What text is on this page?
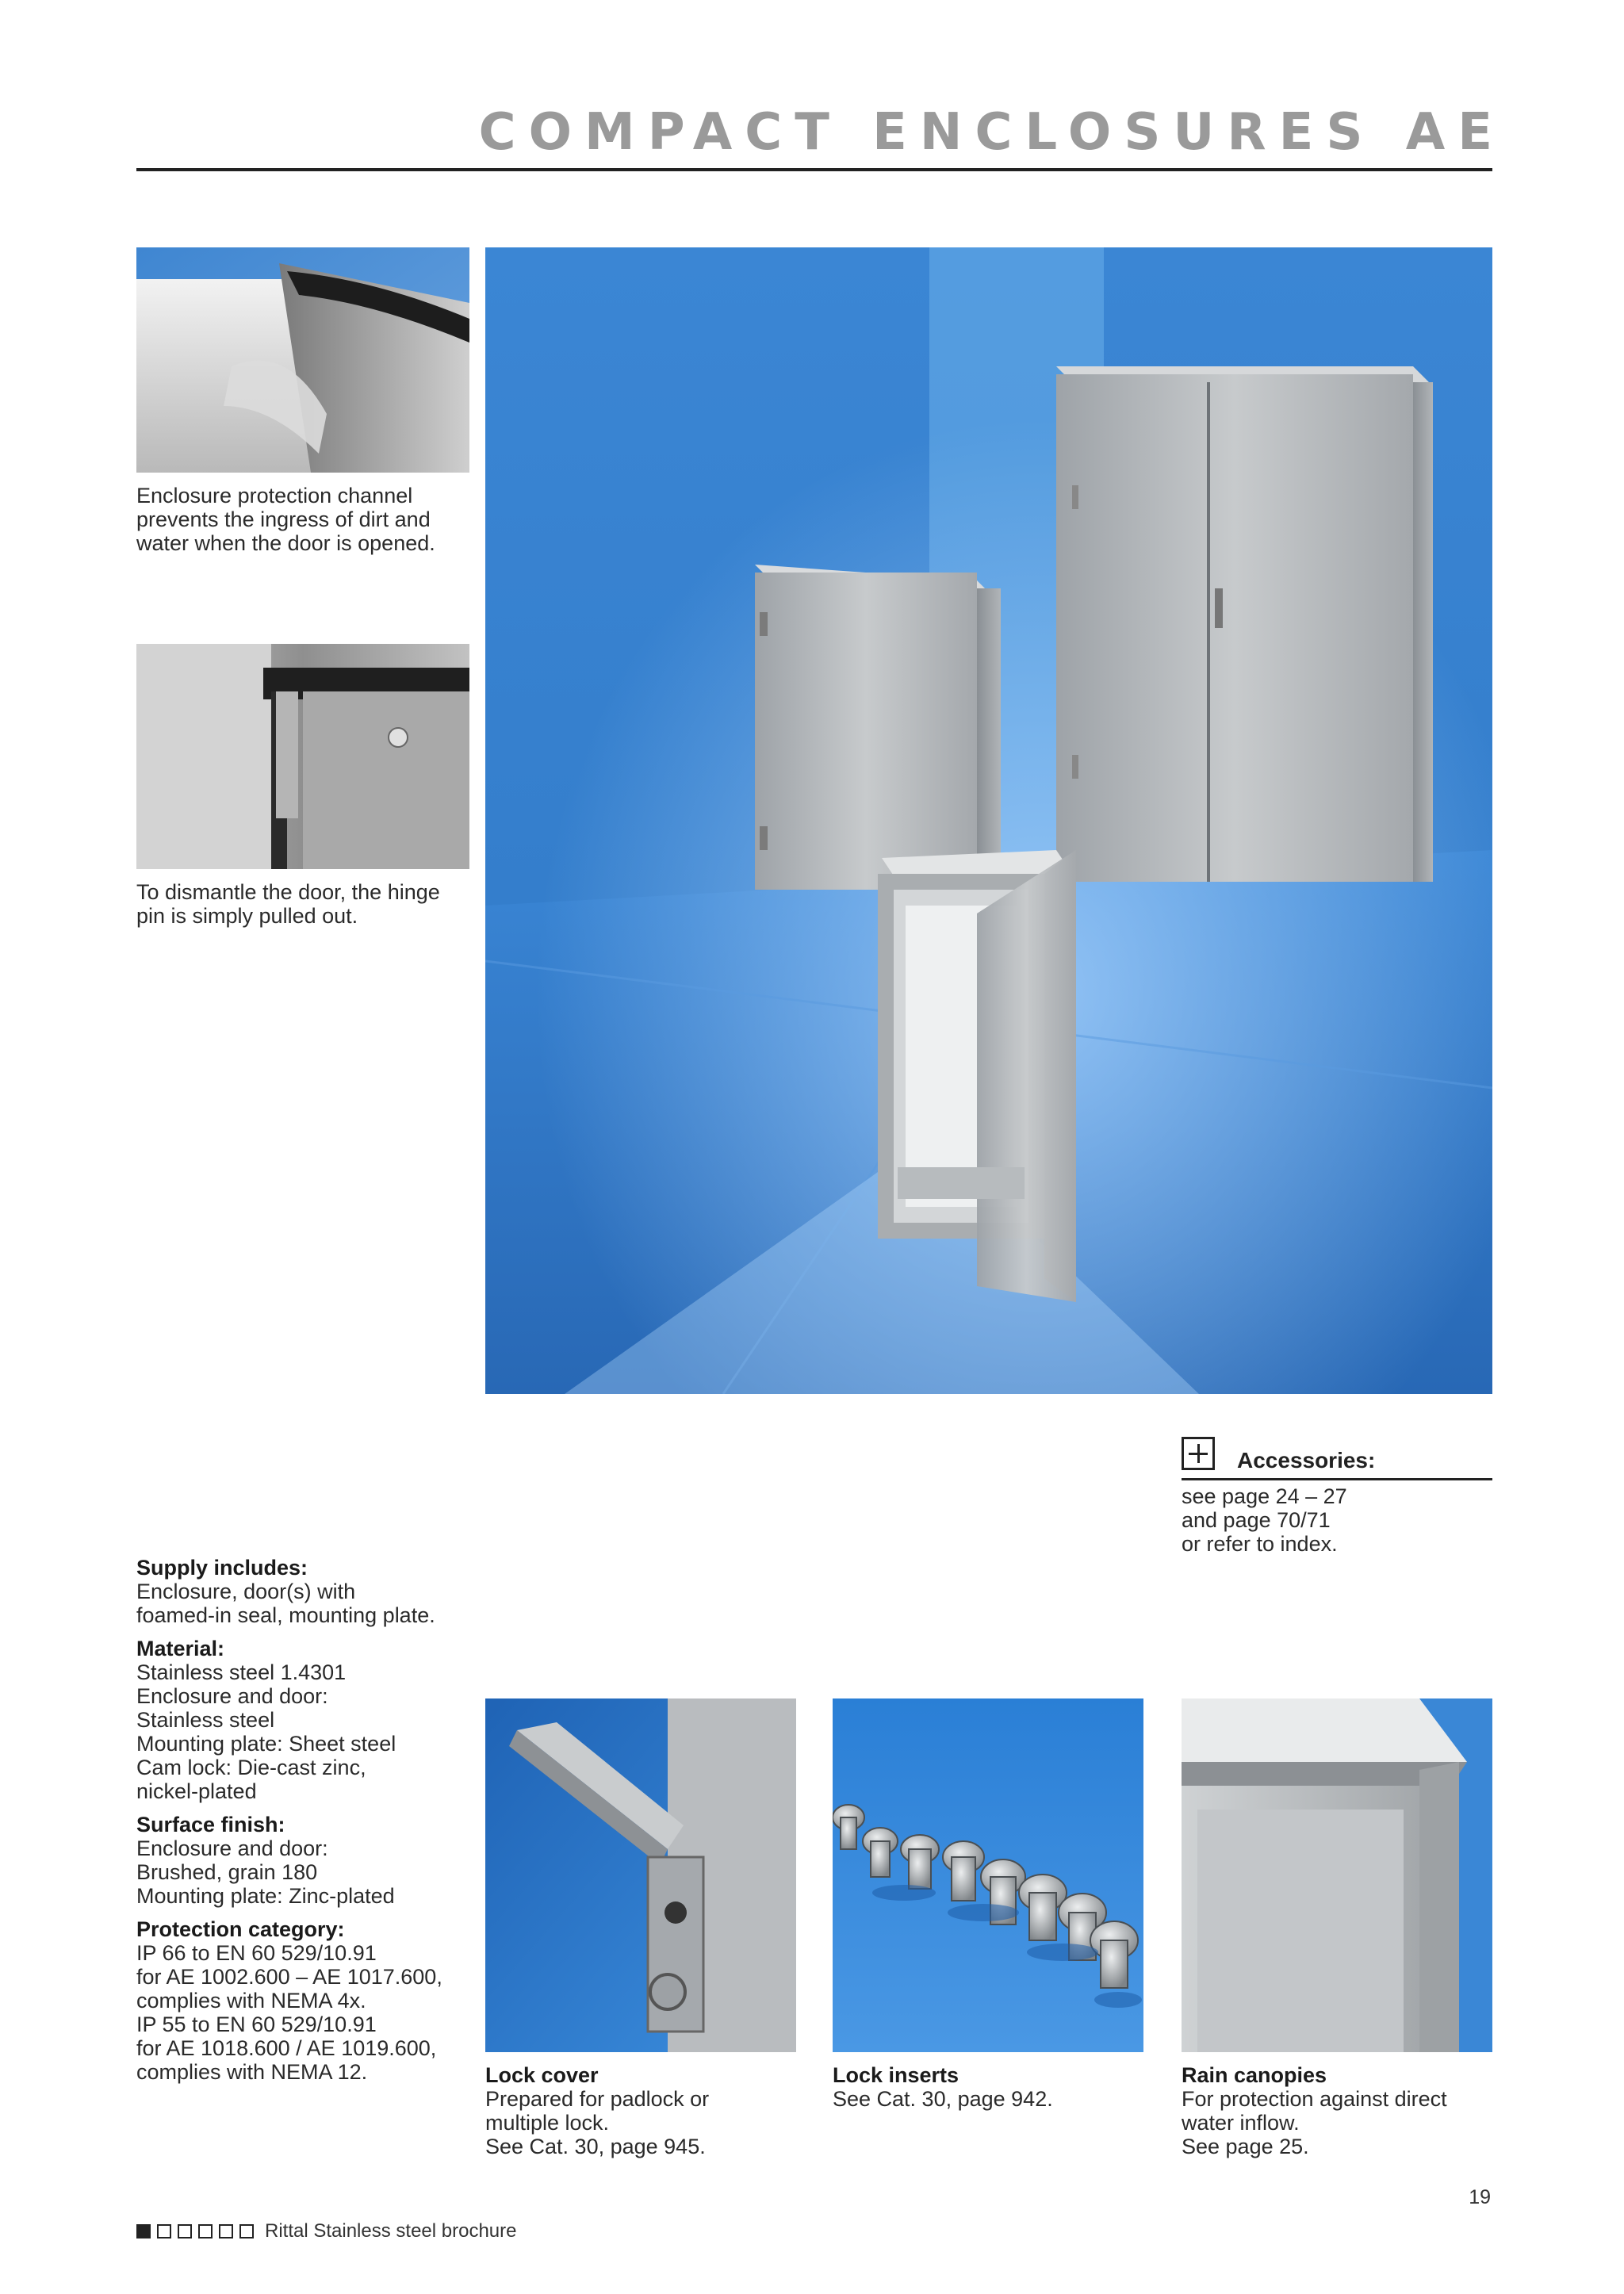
COMPACT ENCLOSURES AE

Enclosure protection channel

prevents the ingress of dirt and

water when the door is opened.

To dismantle the door, the hinge

pin is simply pulled out.

Accessories:

see page 24 – 27

and page 70/71

or refer to index.

Supply includes:

Enclosure, door(s) with

foamed-in seal, mounting plate.

Material:

Stainless steel 1.4301

Enclosure and door:

Stainless steel

Mounting plate: Sheet steel

Cam lock: Die-cast zinc,

nickel-plated

Surface finish:

Enclosure and door:

Brushed, grain 180

Mounting plate: Zinc-plated

Protection category:

IP 66 to EN 60 529/10.91

for AE 1002.600 – AE 1017.600,

complies with NEMA 4x.

IP 55 to EN 60 529/10.91

for AE 1018.600 / AE 1019.600,

complies with NEMA 12.	Lock cover

Prepared for padlock or

multiple lock.

See Cat. 30, page 945.

Lock inserts

See Cat. 30, page 942.

Rain canopies

For protection against direct

water inflow.

See page 25.

19
Rittal Stainless steel brochure
